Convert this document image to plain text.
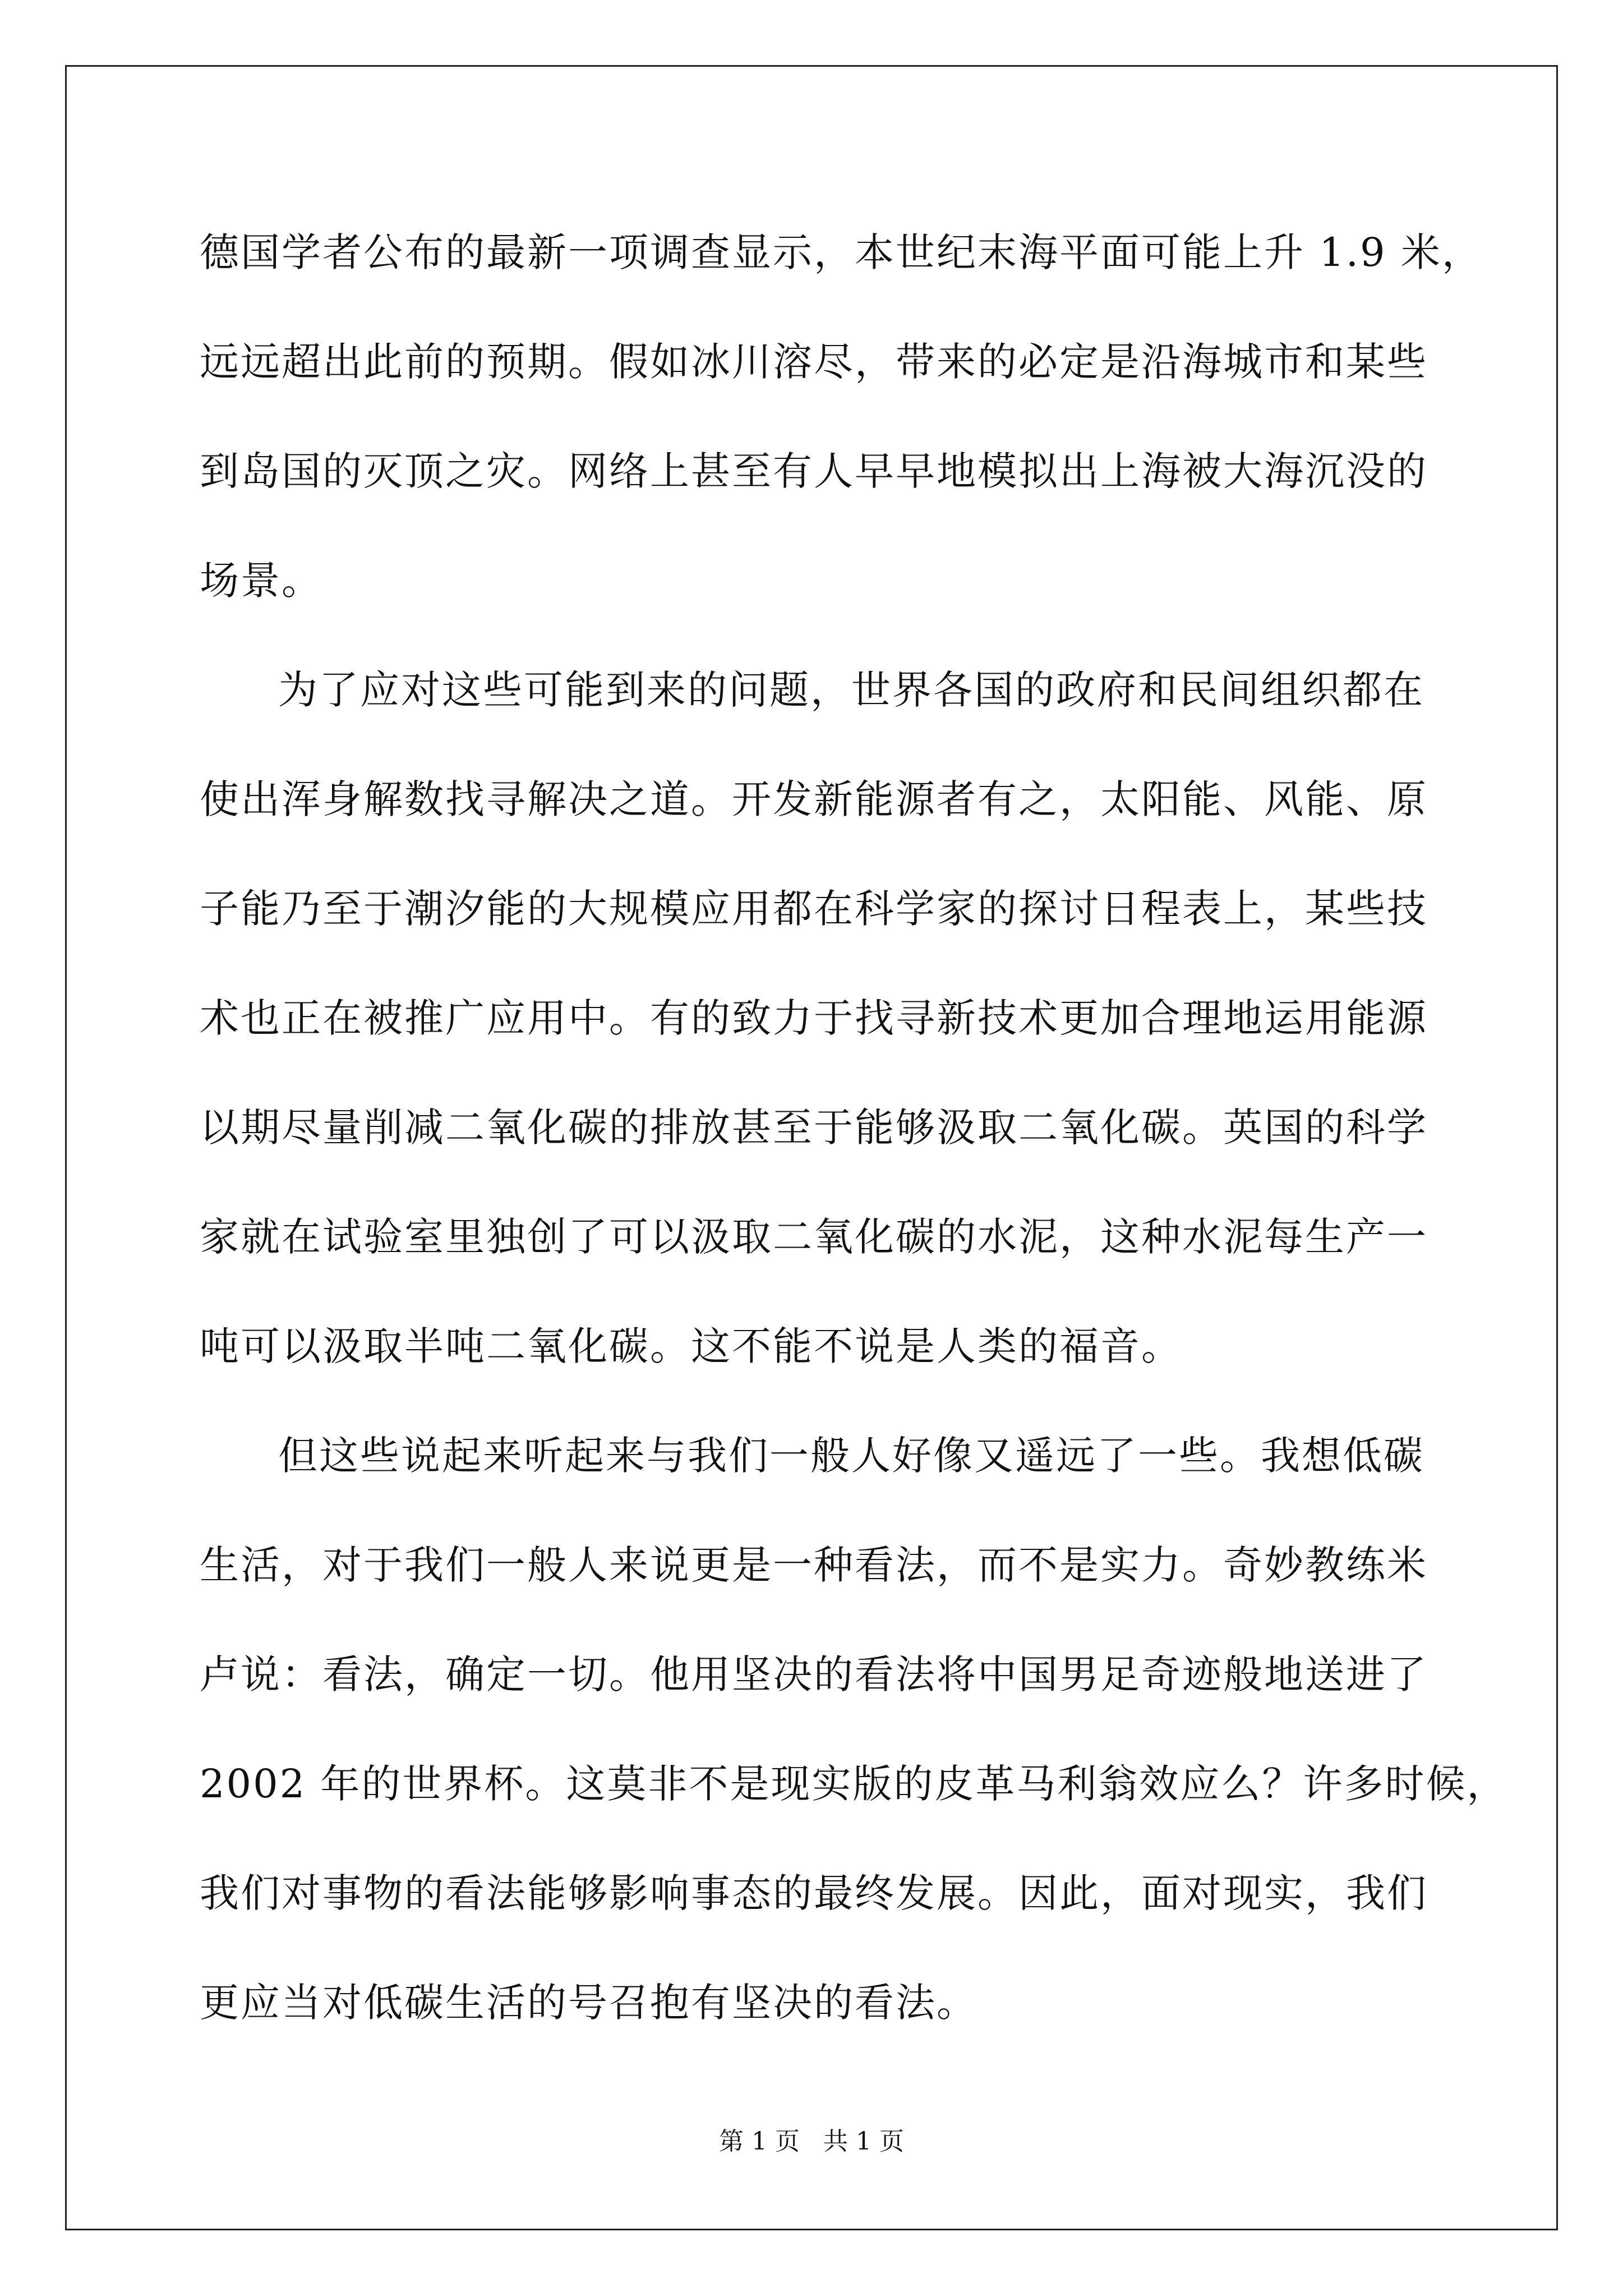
德国学者公布的最新一项调查显示，本世纪末海平面可能上升 1.9 米，
远远超出此前的预期。假如冰川溶尽，带来的必定是沿海城市和某些
到岛国的灭顶之灾。网络上甚至有人早早地模拟出上海被大海沉没的
场景。
为了应对这些可能到来的问题，世界各国的政府和民间组织都在
使出浑身解数找寻解决之道。开发新能源者有之，太阳能、风能、原
子能乃至于潮汐能的大规模应用都在科学家的探讨日程表上，某些技
术也正在被推广应用中。有的致力于找寻新技术更加合理地运用能源
以期尽量削减二氧化碳的排放甚至于能够汲取二氧化碳。英国的科学
家就在试验室里独创了可以汲取二氧化碳的水泥，这种水泥每生产一
吨可以汲取半吨二氧化碳。这不能不说是人类的福音。
但这些说起来听起来与我们一般人好像又遥远了一些。我想低碳
生活，对于我们一般人来说更是一种看法，而不是实力。奇妙教练米
卢说：看法，确定一切。他用坚决的看法将中国男足奇迹般地送进了
2002 年的世界杯。这莫非不是现实版的皮革马利翁效应么？许多时候，
我们对事物的看法能够影响事态的最终发展。因此，面对现实，我们
更应当对低碳生活的号召抱有坚决的看法。
第 1 页 共 1 页
